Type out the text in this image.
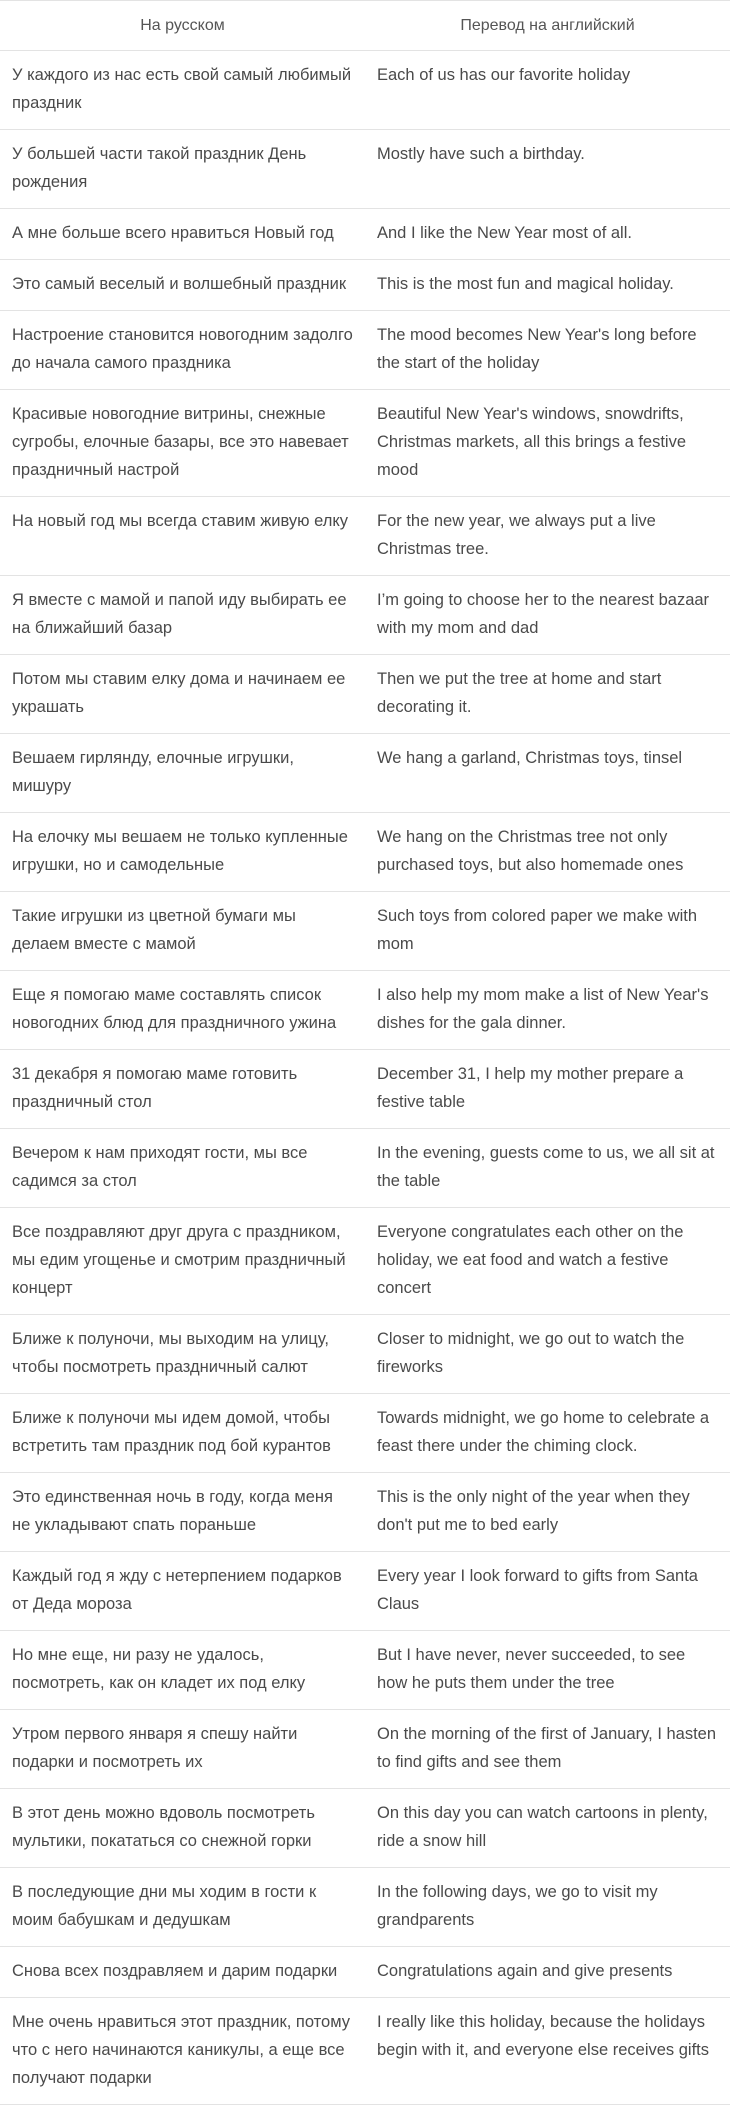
На русском	Перевод на английский
У каждого из нас есть свой самый любимый праздник	Each of us has our favorite holiday
У большей части такой праздник День рождения	Mostly have such a birthday.
А мне больше всего нравиться Новый год	And I like the New Year most of all.
Это самый веселый и волшебный праздник	This is the most fun and magical holiday.
Настроение становится новогодним задолго до начала самого праздника	The mood becomes New Year's long before the start of the holiday
Красивые новогодние витрины, снежные сугробы, елочные базары, все это навевает праздничный настрой	Beautiful New Year's windows, snowdrifts, Christmas markets, all this brings a festive mood
На новый год мы всегда ставим живую елку	For the new year, we always put a live Christmas tree.
Я вместе с мамой и папой иду выбирать ее на ближайший базар	I’m going to choose her to the nearest bazaar with my mom and dad
Потом мы ставим елку дома и начинаем ее украшать	Then we put the tree at home and start decorating it.
Вешаем гирлянду, елочные игрушки, мишуру	We hang a garland, Christmas toys, tinsel
На елочку мы вешаем не только купленные игрушки, но и самодельные	We hang on the Christmas tree not only purchased toys, but also homemade ones
Такие игрушки из цветной бумаги мы делаем вместе с мамой	Such toys from colored paper we make with mom
Еще я помогаю маме составлять список новогодних блюд для праздничного ужина	I also help my mom make a list of New Year's dishes for the gala dinner.
31 декабря я помогаю маме готовить праздничный стол	December 31, I help my mother prepare a festive table
Вечером к нам приходят гости, мы все садимся за стол	In the evening, guests come to us, we all sit at the table
Все поздравляют друг друга с праздником, мы едим угощенье и смотрим праздничный концерт	Everyone congratulates each other on the holiday, we eat food and watch a festive concert
Ближе к полуночи, мы выходим на улицу, чтобы посмотреть праздничный салют	Closer to midnight, we go out to watch the fireworks
Ближе к полуночи мы идем домой, чтобы встретить там праздник под бой курантов	Towards midnight, we go home to celebrate a feast there under the chiming clock.
Это единственная ночь в году, когда меня не укладывают спать пораньше	This is the only night of the year when they don't put me to bed early
Каждый год я жду с нетерпением подарков от Деда мороза	Every year I look forward to gifts from Santa Claus
Но мне еще, ни разу не удалось, посмотреть, как он кладет их под елку	But I have never, never succeeded, to see how he puts them under the tree
Утром первого января я спешу найти подарки и посмотреть их	On the morning of the first of January, I hasten to find gifts and see them
В этот день можно вдоволь посмотреть мультики, покататься со снежной горки	On this day you can watch cartoons in plenty, ride a snow hill
В последующие дни мы ходим в гости к моим бабушкам и дедушкам	In the following days, we go to visit my grandparents
Снова всех поздравляем и дарим подарки	Congratulations again and give presents
Мне очень нравиться этот праздник, потому что с него начинаются каникулы, а еще все получают подарки	I really like this holiday, because the holidays begin with it, and everyone else receives gifts
